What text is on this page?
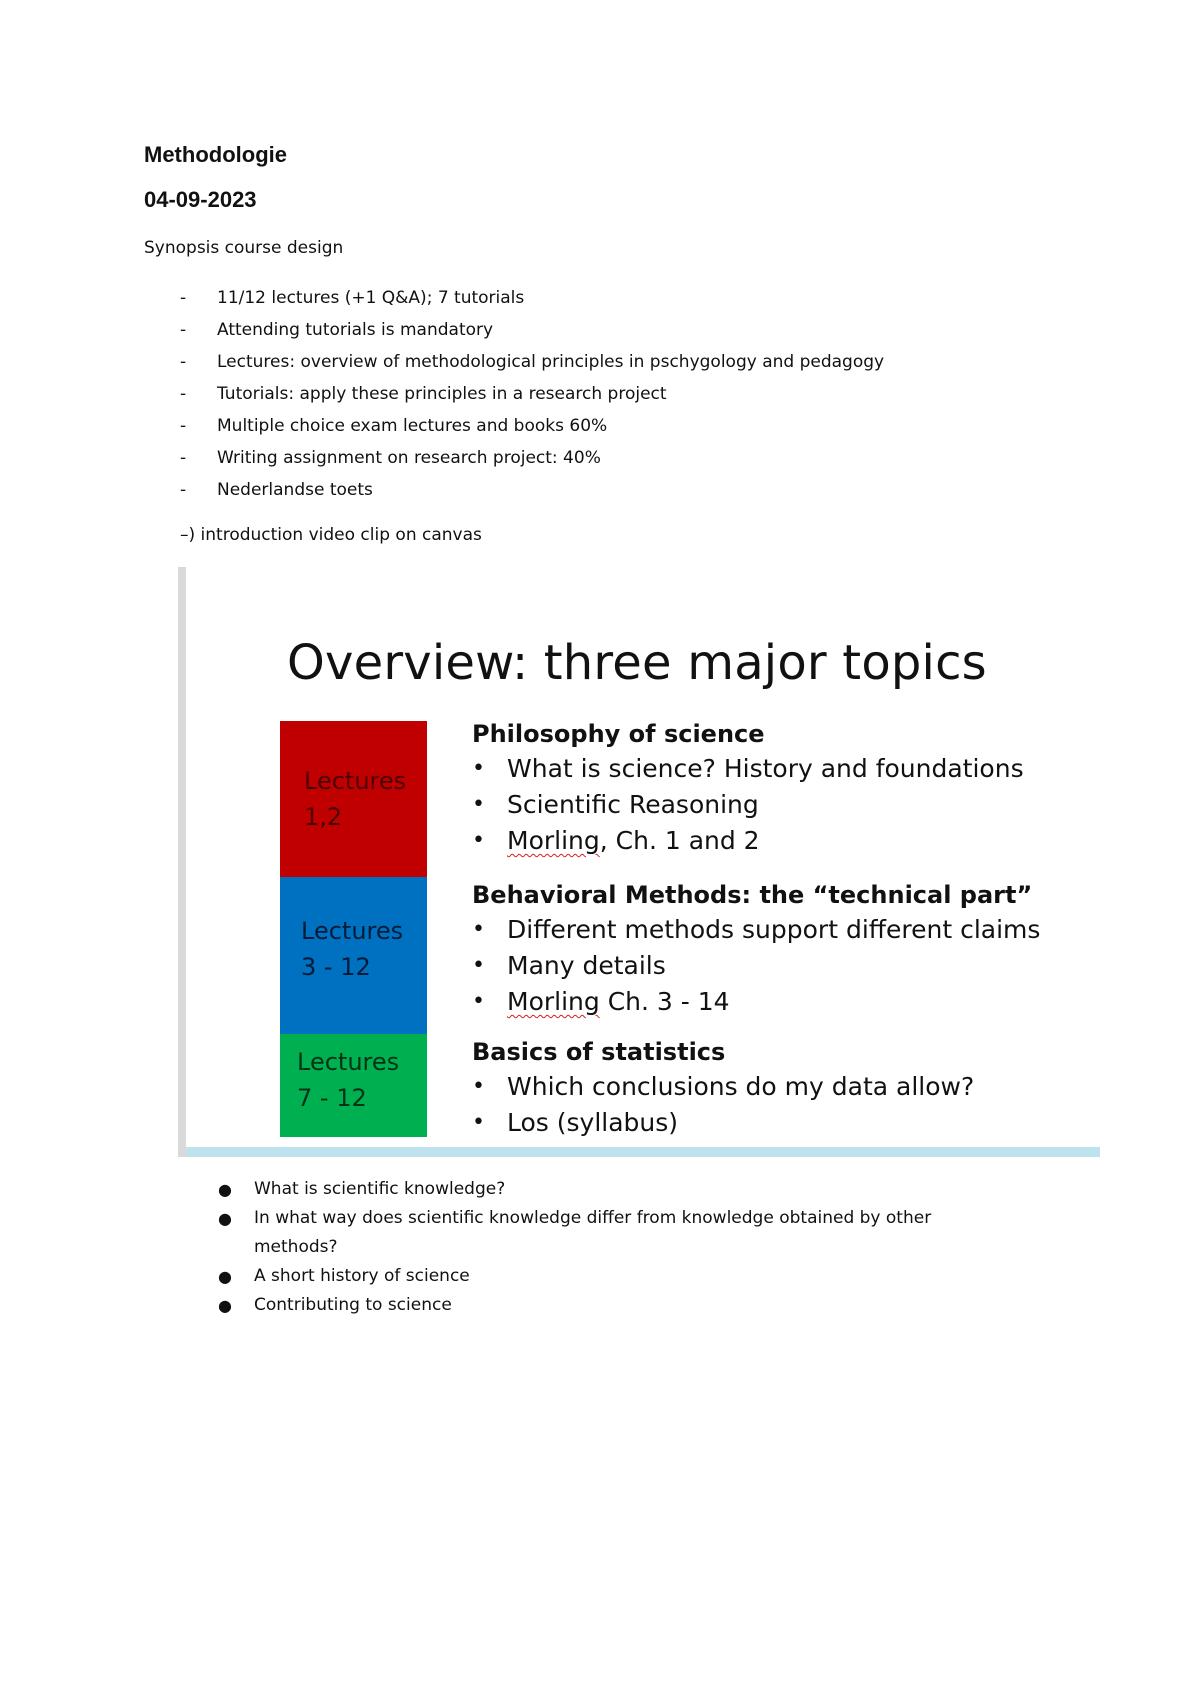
Methodologie
04-09-2023
Synopsis course design
- 11/12 lectures (+1 Q&A); 7 tutorials
- Attending tutorials is mandatory
- Lectures: overview of methodological principles in pschygology and pedagogy
- Tutorials: apply these principles in a research project
- Multiple choice exam lectures and books 60%
- Writing assignment on research project: 40%
- Nederlandse toets
–) introduction video clip on canvas
Overview: three major topics
Lectures
1,2
Lectures
3 - 12
Lectures
7 - 12
Philosophy of science
• What is science? History and foundations
• Scientific Reasoning
• Morling, Ch. 1 and 2
Behavioral Methods: the “technical part”
• Different methods support different claims
• Many details
• Morling Ch. 3 - 14
Basics of statistics
• Which conclusions do my data allow?
• Los (syllabus)
● What is scientific knowledge?
● In what way does scientific knowledge differ from knowledge obtained by other methods?
● A short history of science
● Contributing to science
